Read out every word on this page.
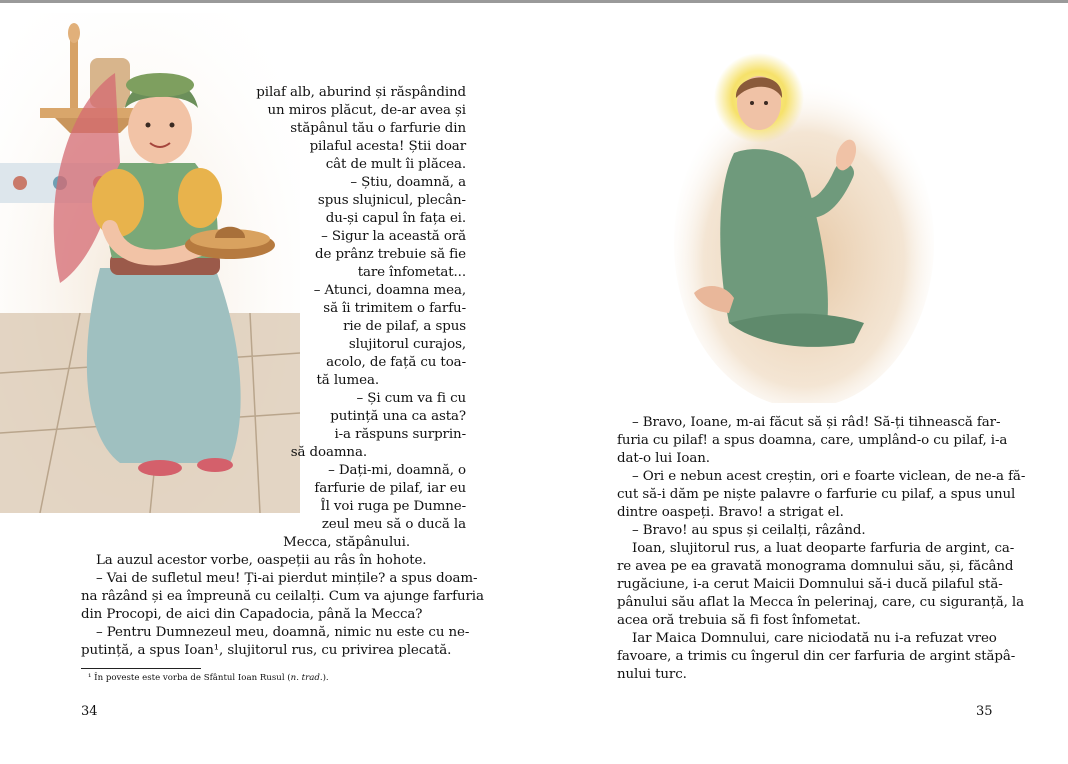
pilaf alb, aburind și răspândind
un miros plăcut, de-ar avea și
stăpânul tău o farfurie din
pilaful acesta! Știi doar
cât de mult îi plăcea.
– Știu, doamnă, a
spus slujnicul, plecân-
du-și capul în fața ei.
– Sigur la această oră
de prânz trebuie să fie
tare înfometat...
– Atunci, doamna mea,
să îi trimitem o farfu-
rie de pilaf, a spus
slujitorul curajos,
acolo, de față cu toa-
tă lumea.
– Și cum va fi cu
putință una ca asta?
i-a răspuns surprin-
să doamna.
– Dați-mi, doamnă, o
farfurie de pilaf, iar eu
Îl voi ruga pe Dumne-
zeul meu să o ducă la
Mecca, stăpânului.
La auzul acestor vorbe, oaspeții au râs în hohote.
– Vai de sufletul meu! Ți-ai pierdut mințile? a spus doam-
na râzând și ea împreună cu ceilalți. Cum va ajunge farfuria
din Procopi, de aici din Capadocia, până la Mecca?
– Pentru Dumnezeul meu, doamnă, nimic nu este cu ne-
putință, a spus Ioan¹, slujitorul rus, cu privirea plecată.
¹ În poveste este vorba de Sfântul Ioan Rusul (n. trad.).
34
– Bravo, Ioane, m-ai făcut să și râd! Să-ți tihnească far-
furia cu pilaf! a spus doamna, care, umplând-o cu pilaf, i-a
dat-o lui Ioan.
– Ori e nebun acest creștin, ori e foarte viclean, de ne-a fă-
cut să-i dăm pe niște palavre o farfurie cu pilaf, a spus unul
dintre oaspeți. Bravo! a strigat el.
– Bravo! au spus și ceilalți, râzând.
Ioan, slujitorul rus, a luat deoparte farfuria de argint, ca-
re avea pe ea gravată monograma domnului său, și, făcând
rugăciune, i-a cerut Maicii Domnului să-i ducă pilaful stă-
pânului său aflat la Mecca în pelerinaj, care, cu siguranță, la
acea oră trebuia să fi fost înfometat.
Iar Maica Domnului, care niciodată nu i-a refuzat vreo
favoare, a trimis cu îngerul din cer farfuria de argint stăpâ-
nului turc.
35
